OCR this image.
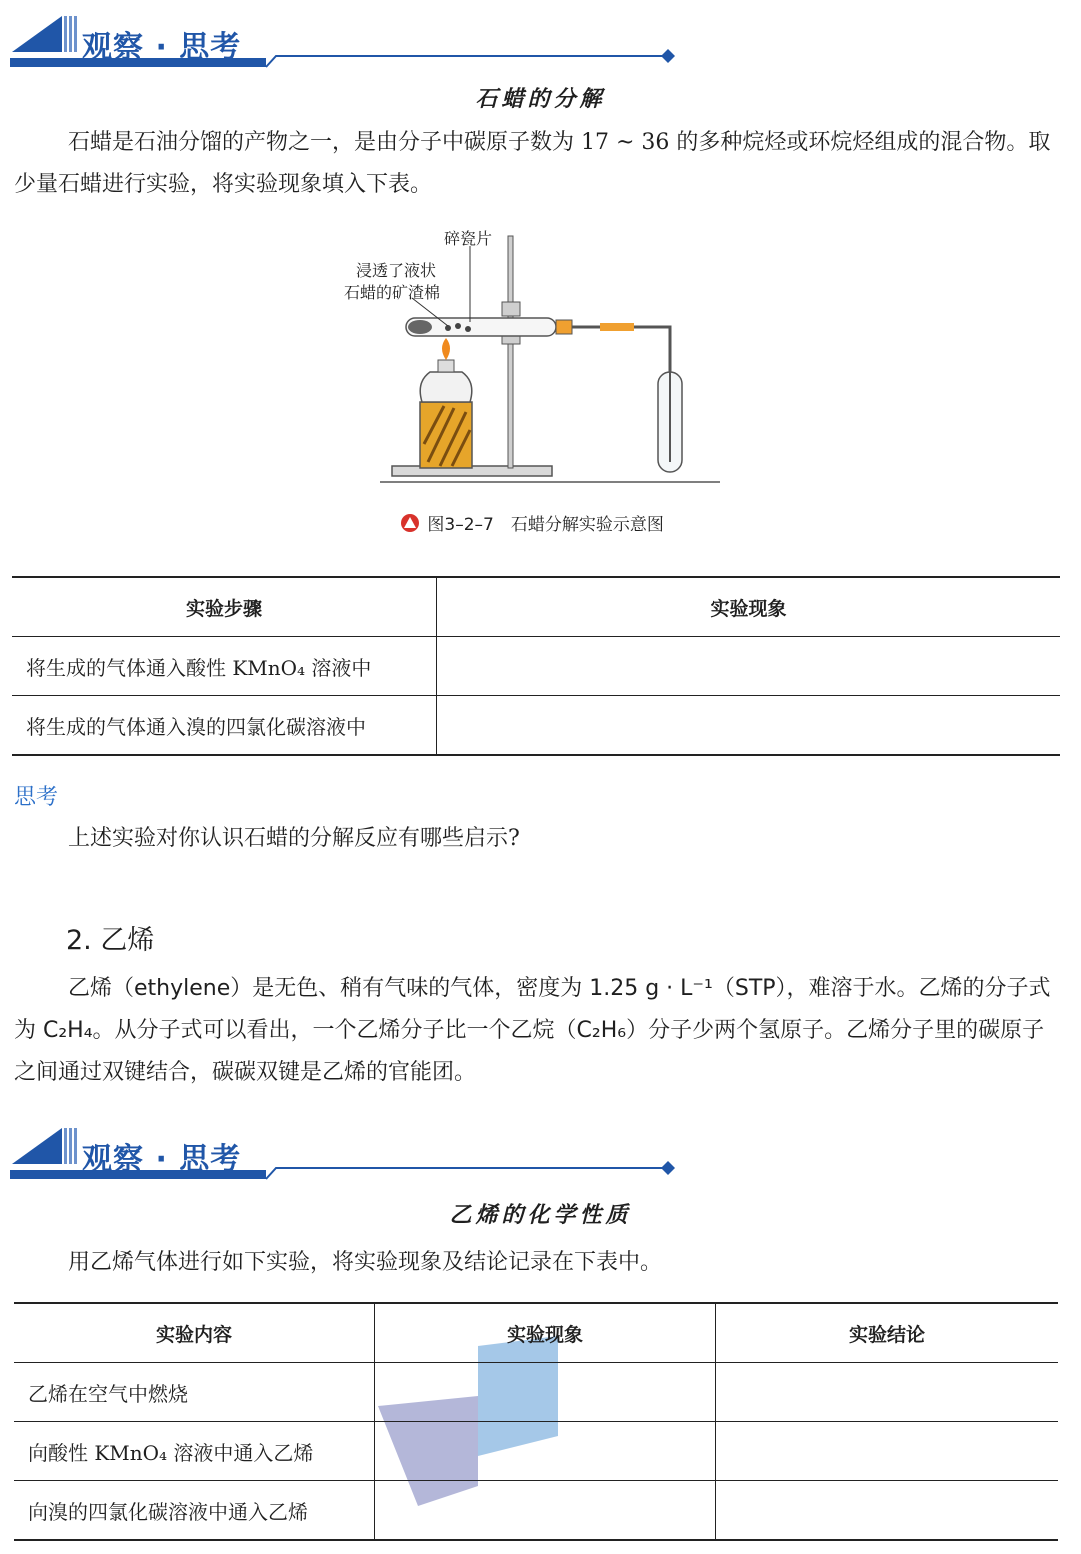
观察 · 思考
石蜡的分解
石蜡是石油分馏的产物之一，是由分子中碳原子数为 17 ~ 36 的多种烷烃或环烷烃组成的混合物。取少量石蜡进行实验，将实验现象填入下表。
碎瓷片
浸透了液状
石蜡的矿渣棉
图3–2–7　石蜡分解实验示意图
实验步骤	实验现象
将生成的气体通入酸性 KMnO₄ 溶液中	
将生成的气体通入溴的四氯化碳溶液中	
思考
上述实验对你认识石蜡的分解反应有哪些启示?
2. 乙烯
乙烯（ethylene）是无色、稍有气味的气体，密度为 1.25 g · L⁻¹（STP），难溶于水。乙烯的分子式为 C₂H₄。从分子式可以看出，一个乙烯分子比一个乙烷（C₂H₆）分子少两个氢原子。乙烯分子里的碳原子之间通过双键结合，碳碳双键是乙烯的官能团。
观察 · 思考
乙烯的化学性质
用乙烯气体进行如下实验，将实验现象及结论记录在下表中。
实验内容	实验现象	实验结论
乙烯在空气中燃烧		
向酸性 KMnO₄ 溶液中通入乙烯		
向溴的四氯化碳溶液中通入乙烯		
